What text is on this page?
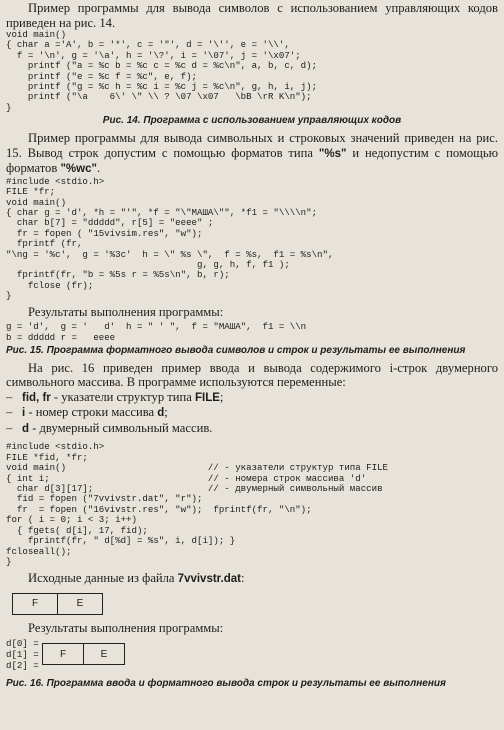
Пример программы для вывода символов с использованием управляющих кодов приведен на рис. 14.

void main()
{ char a ='A', b = '*', c = '"', d = '\'', e = '\\',
f = '\n', g = '\a', h = '\?', i = '\07', j = '\x07';
printf ("a = %c b = %c c = %c d = %c\n", a, b, c, d);
printf ("e = %c f = %c", e, f);
printf ("g = %c h = %c i = %c j = %c\n", g, h, i, j);
printf ("\a    6\' \" \\ ? \07 \x07   \bB \rR K\n");
}

Рис. 14. Программа с использованием управляющих кодов

Пример программы для вывода символьных и строковых значений приведен на рис. 15. Вывод строк допустим с помощью форматов типа "%s" и недопустим с помощью форматов "%wc".

#include <stdio.h>
FILE *fr;
void main()
{ char g = 'd', *h = "'", *f = "\"МАША\"", *f1 = "\\\\n";
char b[7] = "ddddd", r[5] = "eeee" ;
fr = fopen ( "15vivsim.res", "w");
fprintf (fr,
"\ng = '%c',  g = '%3c'  h = \" %s \",  f = %s,  f1 = %s\n",
g, g, h, f, f1 );
fprintf(fr, "b = %5s r = %5s\n", b, r);
fclose (fr);
}

Результаты выполнения программы:

g = 'd',  g = '   d'  h = " ' ",  f = "МАША",  f1 = \\n
b = ddddd r =   eeee

Рис. 15. Программа форматного вывода символов и строк и результаты ее выполнения

На рис. 16 приведен пример ввода и вывода содержимого i-строк двумерного символьного массива. В программе используются переменные:

– fid, fr - указатели структур типа FILE;
– i - номер строки массива d;
– d - двумерный символьный массив.
#include <stdio.h>
FILE *fid, *fr;
void main()                          // - указатели структур типа FILE
{ int i;                             // - номера строк массива 'd'
char d[3][17];                     // - двумерный символьный массив
fid = fopen ("7vvivstr.dat", "r");
fr  = fopen ("16vivstr.res", "w");  fprintf(fr, "\n");
for ( i = 0; i < 3; i++)
{ fgets( d[i], 17, fid);
fprintf(fr, " d[%d] = %s", i, d[i]); }
fcloseall();
}

Исходные данные из файла 7vvivstr.dat:

F	E

Результаты выполнения программы:

d[0] =
d[1] =
d[2] =
F	E

Рис. 16. Программа ввода и форматного вывода строк и результаты ее выполнения
